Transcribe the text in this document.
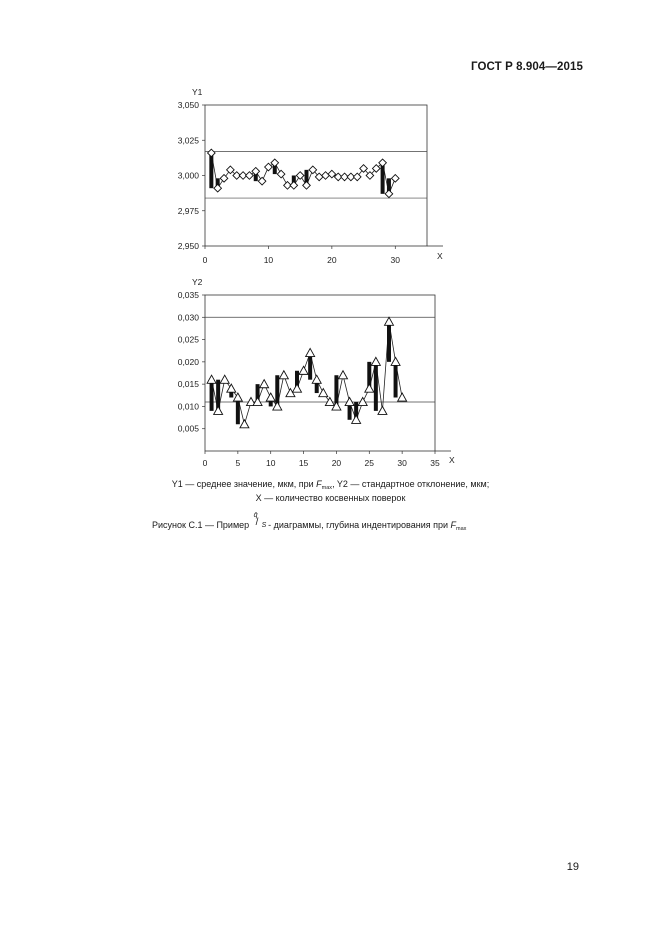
ГОСТ Р 8.904—2015
2,950
2,975
3,000
3,025
3,050
0	10	20	30
Y1
X
0,005
0,010
0,015
0,020
0,025
0,030
0,035
0	5	10	15	20	25	30	35
Y2
X
Y1 — среднее значение, мкм, при $F_{max}$, Y2 — стандартное отклонение, мкм;
X — количество косвенных поверок
Рисунок С.1 — Пример
q̄
/ S - диаграммы, глубина индентирования при $F_{max}$
19
